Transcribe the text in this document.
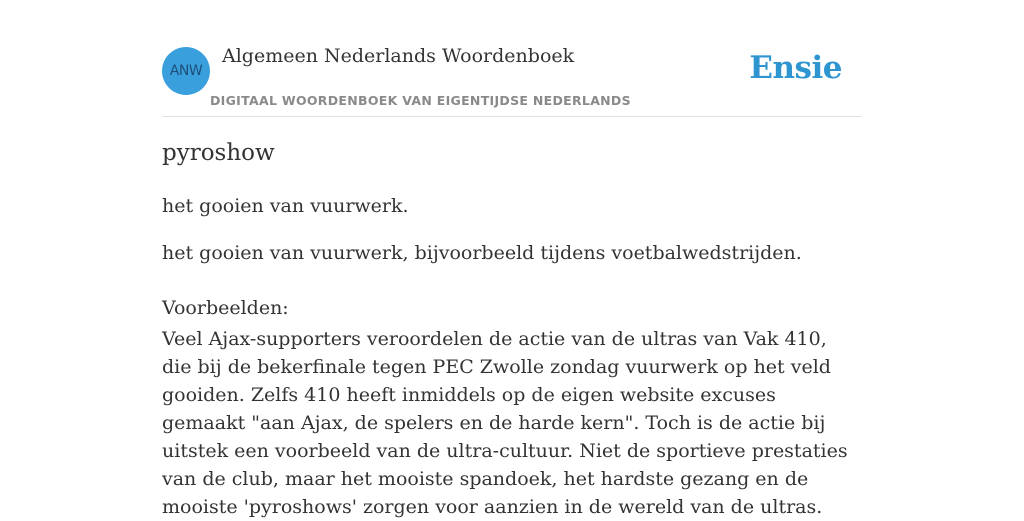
ANW
Algemeen Nederlands Woordenboek
DIGITAAL WOORDENBOEK VAN EIGENTIJDSE NEDERLANDS
Ensie
pyroshow
het gooien van vuurwerk.
het gooien van vuurwerk, bijvoorbeeld tijdens voetbalwedstrijden.
Voorbeelden:
Veel Ajax-supporters veroordelen de actie van de ultras van Vak 410, die bij de bekerfinale tegen PEC Zwolle zondag vuurwerk op het veld gooiden. Zelfs 410 heeft inmiddels op de eigen website excuses gemaakt "aan Ajax, de spelers en de harde kern". Toch is de actie bij uitstek een voorbeeld van de ultra-cultuur. Niet de sportieve prestaties van de club, maar het mooiste spandoek, het hardste gezang en de mooiste 'pyroshows' zorgen voor aanzien in de wereld van de ultras.
